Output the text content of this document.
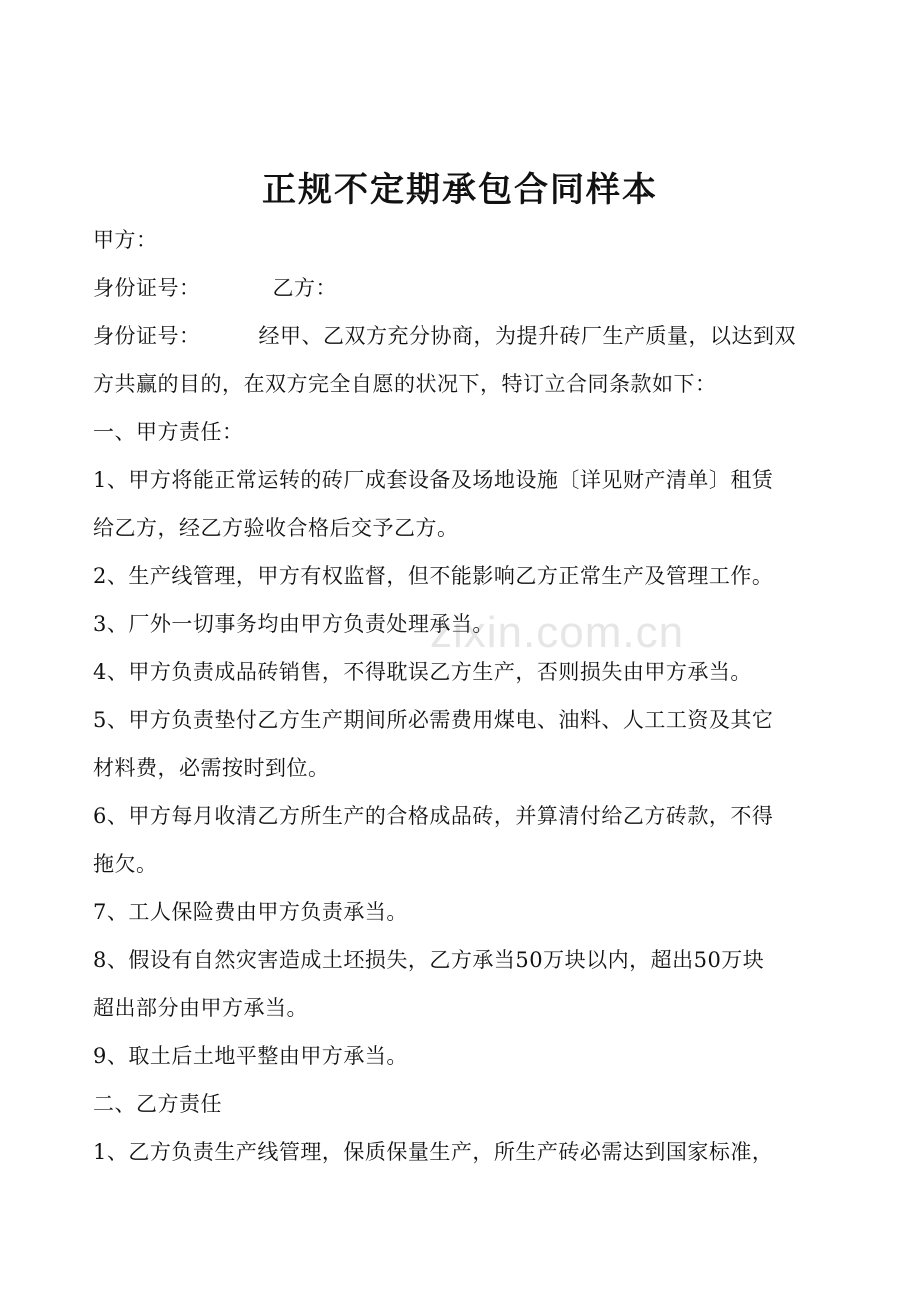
zixin.com.cn
正规不定期承包合同样本
甲方：
身份证号：	乙方：
身份证号：	经甲、乙双方充分协商，为提升砖厂生产质量，以达到双
方共赢的目的，在双方完全自愿的状况下，特订立合同条款如下：
一、甲方责任：
1、甲方将能正常运转的砖厂成套设备及场地设施〔详见财产清单〕租赁
给乙方，经乙方验收合格后交予乙方。
2、生产线管理，甲方有权监督，但不能影响乙方正常生产及管理工作。
3、厂外一切事务均由甲方负责处理承当。
4、甲方负责成品砖销售，不得耽误乙方生产，否则损失由甲方承当。
5、甲方负责垫付乙方生产期间所必需费用煤电、油料、人工工资及其它
材料费，必需按时到位。
6、甲方每月收清乙方所生产的合格成品砖，并算清付给乙方砖款，不得
拖欠。
7、工人保险费由甲方负责承当。
8、假设有自然灾害造成土坯损失，乙方承当50万块以内，超出50万块
超出部分由甲方承当。
9、取土后土地平整由甲方承当。
二、乙方责任
1、乙方负责生产线管理，保质保量生产，所生产砖必需达到国家标准，
